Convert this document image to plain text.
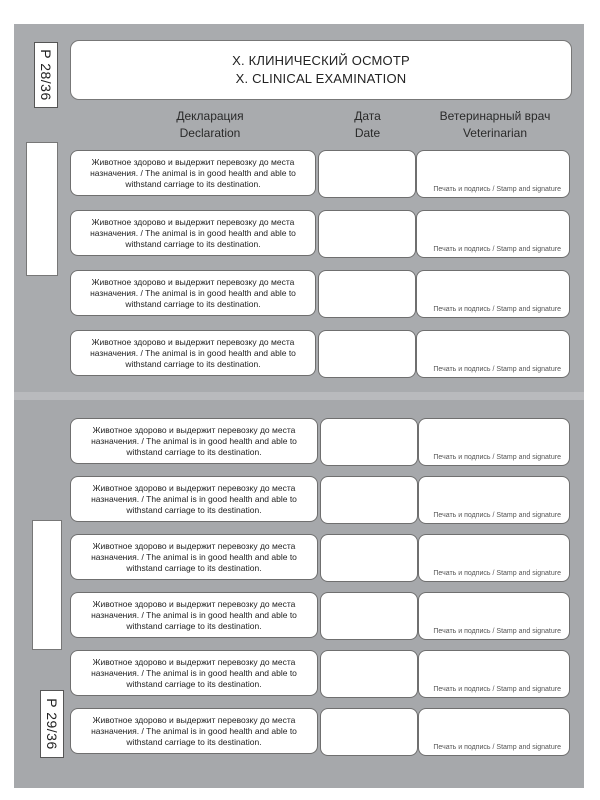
P 28/36
P 29/36
X. КЛИНИЧЕСКИЙ ОСМОТР
X. CLINICAL EXAMINATION
Декларация
Declaration
Дата
Date
Ветеринарный врач
Veterinarian
Животное здорово и выдержит перевозку до места назначения. / The animal is in good health and able to withstand carriage to its destination.
Печать и подпись / Stamp and signature
Животное здорово и выдержит перевозку до места назначения. / The animal is in good health and able to withstand carriage to its destination.
Печать и подпись / Stamp and signature
Животное здорово и выдержит перевозку до места назначения. / The animal is in good health and able to withstand carriage to its destination.
Печать и подпись / Stamp and signature
Животное здорово и выдержит перевозку до места назначения. / The animal is in good health and able to withstand carriage to its destination.
Печать и подпись / Stamp and signature
Животное здорово и выдержит перевозку до места назначения. / The animal is in good health and able to withstand carriage to its destination.
Печать и подпись / Stamp and signature
Животное здорово и выдержит перевозку до места назначения. / The animal is in good health and able to withstand carriage to its destination.
Печать и подпись / Stamp and signature
Животное здорово и выдержит перевозку до места назначения. / The animal is in good health and able to withstand carriage to its destination.
Печать и подпись / Stamp and signature
Животное здорово и выдержит перевозку до места назначения. / The animal is in good health and able to withstand carriage to its destination.
Печать и подпись / Stamp and signature
Животное здорово и выдержит перевозку до места назначения. / The animal is in good health and able to withstand carriage to its destination.
Печать и подпись / Stamp and signature
Животное здорово и выдержит перевозку до места назначения. / The animal is in good health and able to withstand carriage to its destination.
Печать и подпись / Stamp and signature
